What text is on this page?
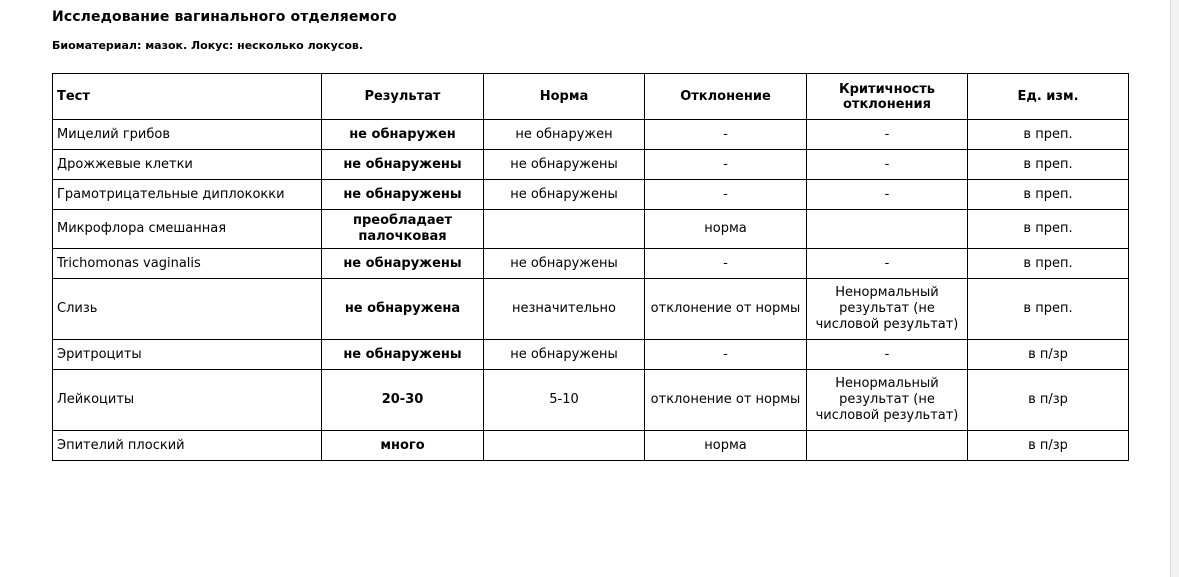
Исследование вагинального отделяемого
Биоматериал: мазок. Локус: несколько локусов.
Тест	Результат	Норма	Отклонение	Критичность отклонения	Ед. изм.
Мицелий грибов	не обнаружен	не обнаружен	-	-	в преп.
Дрожжевые клетки	не обнаружены	не обнаружены	-	-	в преп.
Грамотрицательные диплококки	не обнаружены	не обнаружены	-	-	в преп.
Микрофлора смешанная	преобладает палочковая		норма		в преп.
Trichomonas vaginalis	не обнаружены	не обнаружены	-	-	в преп.
Слизь	не обнаружена	незначительно	отклонение от нормы	Ненормальный результат (не числовой результат)	в преп.
Эритроциты	не обнаружены	не обнаружены	-	-	в п/зр
Лейкоциты	20-30	5-10	отклонение от нормы	Ненормальный результат (не числовой результат)	в п/зр
Эпителий плоский	много		норма		в п/зр
